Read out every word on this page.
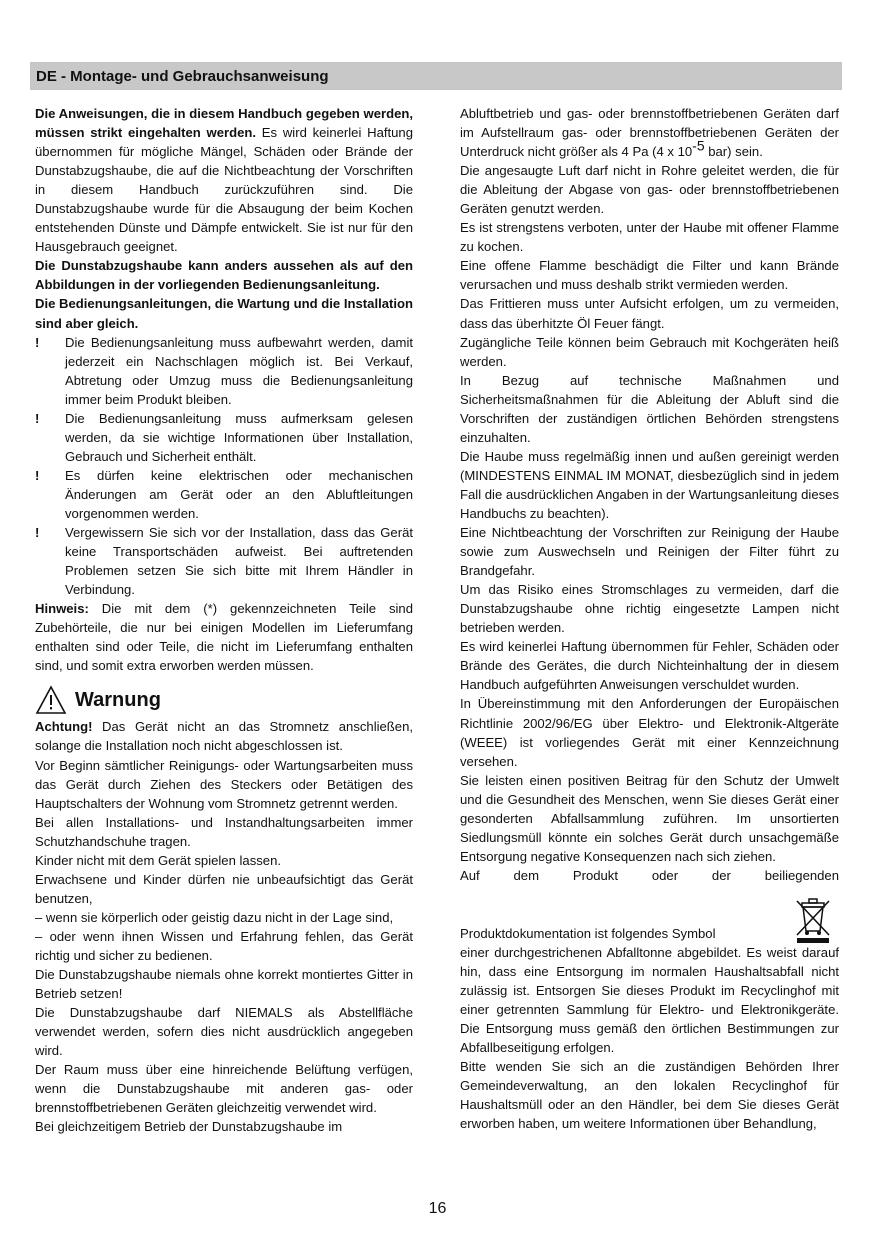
DE - Montage- und Gebrauchsanweisung

Die Anweisungen, die in diesem Handbuch gegeben werden, müssen strikt eingehalten werden. Es wird keinerlei Haftung übernommen für mögliche Mängel, Schäden oder Brände der Dunstabzugshaube, die auf die Nichtbeachtung der Vorschriften in diesem Handbuch zurückzuführen sind. Die Dunstabzugshaube wurde für die Absaugung der beim Kochen entstehenden Dünste und Dämpfe entwickelt. Sie ist nur für den Hausgebrauch geeignet.

Die Dunstabzugshaube kann anders aussehen als auf den Abbildungen in der vorliegenden Bedienungsanleitung.

Die Bedienungsanleitungen, die Wartung und die Installation sind aber gleich.

!	Die Bedienungsanleitung muss aufbewahrt werden, damit jederzeit ein Nachschlagen möglich ist. Bei Verkauf, Abtretung oder Umzug muss die Bedienungsanleitung immer beim Produkt bleiben.
!	Die Bedienungsanleitung muss aufmerksam gelesen werden, da sie wichtige Informationen über Installation, Gebrauch und Sicherheit enthält.
!	Es dürfen keine elektrischen oder mechanischen Änderungen am Gerät oder an den Abluftleitungen vorgenommen werden.
!	Vergewissern Sie sich vor der Installation, dass das Gerät keine Transportschäden aufweist. Bei auftretenden Problemen setzen Sie sich bitte mit Ihrem Händler in Verbindung.

Hinweis: Die mit dem (*) gekennzeichneten Teile sind Zubehörteile, die nur bei einigen Modellen im Lieferumfang enthalten sind oder Teile, die nicht im Lieferumfang enthalten sind, und somit extra erworben werden müssen.

Warnung

Achtung! Das Gerät nicht an das Stromnetz anschließen, solange die Installation noch nicht abgeschlossen ist.

Vor Beginn sämtlicher Reinigungs- oder Wartungsarbeiten muss das Gerät durch Ziehen des Steckers oder Betätigen des Hauptschalters der Wohnung vom Stromnetz getrennt werden.

Bei allen Installations- und Instandhaltungsarbeiten immer Schutzhandschuhe tragen.

Kinder nicht mit dem Gerät spielen lassen.

Erwachsene und Kinder dürfen nie unbeaufsichtigt das Gerät benutzen,

– wenn sie körperlich oder geistig dazu nicht in der Lage sind,

– oder wenn ihnen Wissen und Erfahrung fehlen, das Gerät richtig und sicher zu bedienen.

Die Dunstabzugshaube niemals ohne korrekt montiertes Gitter in Betrieb setzen!

Die Dunstabzugshaube darf NIEMALS als Abstellfläche verwendet werden, sofern dies nicht ausdrücklich angegeben wird.

Der Raum muss über eine hinreichende Belüftung verfügen, wenn die Dunstabzugshaube mit anderen gas- oder brennstoffbetriebenen Geräten gleichzeitig verwendet wird.

Bei gleichzeitigem Betrieb der Dunstabzugshaube im

Abluftbetrieb und gas- oder brennstoffbetriebenen Geräten darf im Aufstellraum gas- oder brennstoffbetriebenen Geräten der Unterdruck nicht größer als 4 Pa (4 x $10^{-5}$ bar) sein.

Die angesaugte Luft darf nicht in Rohre geleitet werden, die für die Ableitung der Abgase von gas- oder brennstoffbetriebenen Geräten genutzt werden.

Es ist strengstens verboten, unter der Haube mit offener Flamme zu kochen.

Eine offene Flamme beschädigt die Filter und kann Brände verursachen und muss deshalb strikt vermieden werden.

Das Frittieren muss unter Aufsicht erfolgen, um zu vermeiden, dass das überhitzte Öl Feuer fängt.

Zugängliche Teile können beim Gebrauch mit Kochgeräten heiß werden.

In Bezug auf technische Maßnahmen und Sicherheitsmaßnahmen für die Ableitung der Abluft sind die Vorschriften der zuständigen örtlichen Behörden strengstens einzuhalten.

Die Haube muss regelmäßig innen und außen gereinigt werden (MINDESTENS EINMAL IM MONAT, diesbezüglich sind in jedem Fall die ausdrücklichen Angaben in der Wartungsanleitung dieses Handbuchs zu beachten).

Eine Nichtbeachtung der Vorschriften zur Reinigung der Haube sowie zum Auswechseln und Reinigen der Filter führt zu Brandgefahr.

Um das Risiko eines Stromschlages zu vermeiden, darf die Dunstabzugshaube ohne richtig eingesetzte Lampen nicht betrieben werden.

Es wird keinerlei Haftung übernommen für Fehler, Schäden oder Brände des Gerätes, die durch Nichteinhaltung der in diesem Handbuch aufgeführten Anweisungen verschuldet wurden.

In Übereinstimmung mit den Anforderungen der Europäischen Richtlinie 2002/96/EG über Elektro- und Elektronik-Altgeräte (WEEE) ist vorliegendes Gerät mit einer Kennzeichnung versehen.

Sie leisten einen positiven Beitrag für den Schutz der Umwelt und die Gesundheit des Menschen, wenn Sie dieses Gerät einer gesonderten Abfallsammlung zuführen. Im unsortierten Siedlungsmüll könnte ein solches Gerät durch unsachgemäße Entsorgung negative Konsequenzen nach sich ziehen.

Auf dem Produkt oder der beiliegenden

Produktdokumentation ist folgendes Symbol

einer durchgestrichenen Abfalltonne abgebildet. Es weist darauf hin, dass eine Entsorgung im normalen Haushaltsabfall nicht zulässig ist. Entsorgen Sie dieses Produkt im Recyclinghof mit einer getrennten Sammlung für Elektro- und Elektronikgeräte. Die Entsorgung muss gemäß den örtlichen Bestimmungen zur Abfallbeseitigung erfolgen.

Bitte wenden Sie sich an die zuständigen Behörden Ihrer Gemeindeverwaltung, an den lokalen Recyclinghof für Haushaltsmüll oder an den Händler, bei dem Sie dieses Gerät erworben haben, um weitere Informationen über Behandlung,

16
